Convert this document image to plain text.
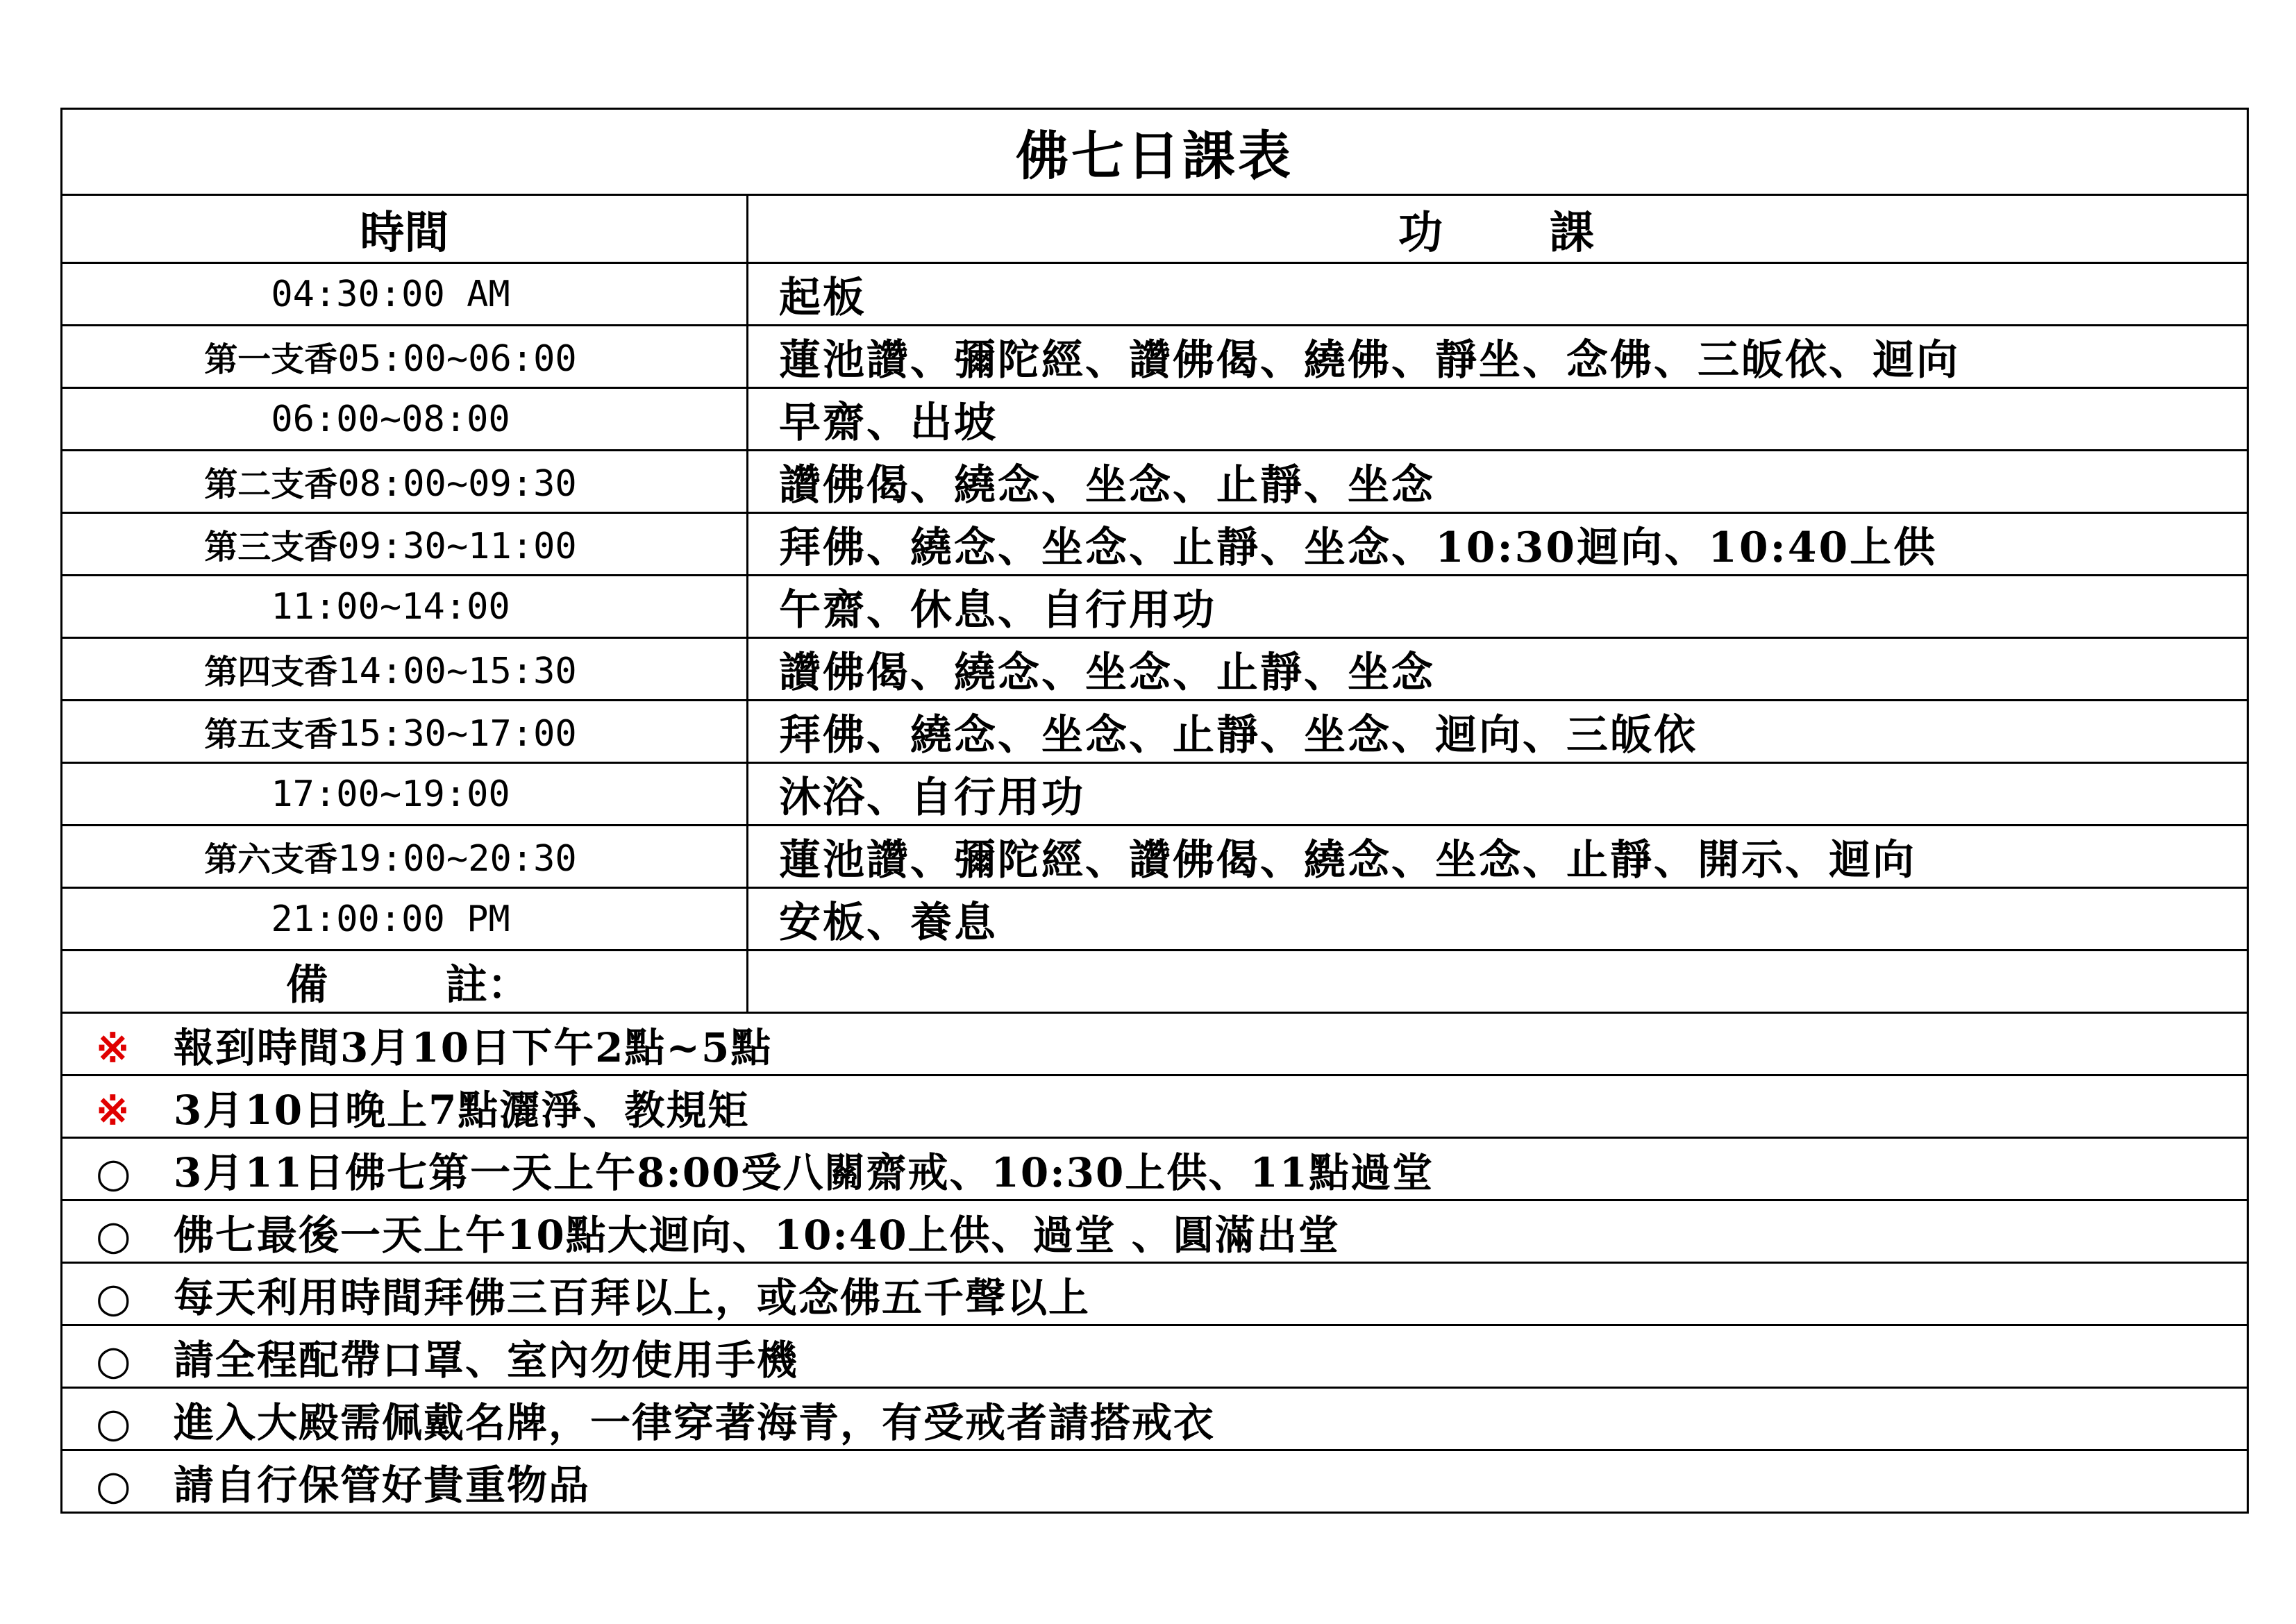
佛七日課表	
時間	功 課
04:30:00 AM	起板
第一支香05:00~06:00	蓮池讚、彌陀經、讚佛偈、繞佛、靜坐、念佛、三皈依、迴向
06:00~08:00	早齋、出坡
第二支香08:00~09:30	讚佛偈、繞念、坐念、止靜、坐念
第三支香09:30~11:00	拜佛、繞念、坐念、止靜、坐念、10:30迴向、10:40上供
11:00~14:00	午齋、休息、自行用功
第四支香14:00~15:30	讚佛偈、繞念、坐念、止靜、坐念
第五支香15:30~17:00	拜佛、繞念、坐念、止靜、坐念、迴向、三皈依
17:00~19:00	沐浴、自行用功
第六支香19:00~20:30	蓮池讚、彌陀經、讚佛偈、繞念、坐念、止靜、開示、迴向
21:00:00 PM	安板、養息
備 註：	
※ 報到時間3月10日下午2點~5點	
※ 3月10日晚上7點灑淨、教規矩	
○ 3月11日佛七第一天上午8:00受八關齋戒、10:30上供、11點過堂	
○ 佛七最後一天上午10點大迴向、10:40上供、過堂 、圓滿出堂	
○ 每天利用時間拜佛三百拜以上，或念佛五千聲以上	
○ 請全程配帶口罩、室內勿使用手機	
○ 進入大殿需佩戴名牌，一律穿著海青，有受戒者請搭戒衣	
○ 請自行保管好貴重物品	
